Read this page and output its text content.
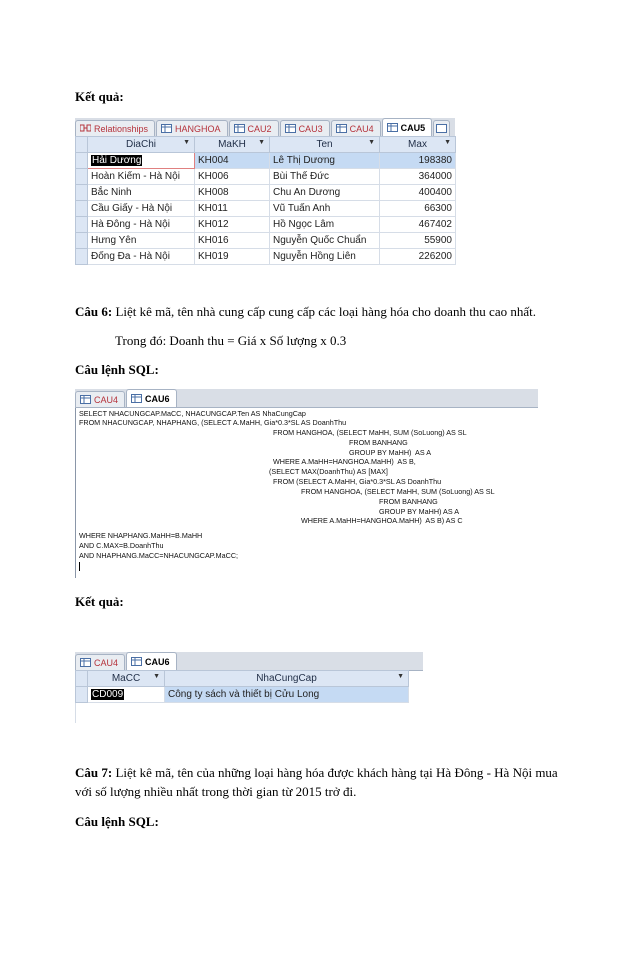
Kết quả:
Relationships	HANGHOA	CAU2	CAU3	CAU4	CAU5
	DiaChi ▼	MaKH ▼	Ten ▼	Max ▼

	Hải Dương	KH004	Lê Thị Dương	198380
	Hoàn Kiếm - Hà Nội	KH006	Bùi Thế Đức	364000
	Bắc Ninh	KH008	Chu An Dương	400400
	Cầu Giấy - Hà Nội	KH011	Vũ Tuấn Anh	66300
	Hà Đông - Hà Nội	KH012	Hồ Ngọc Lâm	467402
	Hưng Yên	KH016	Nguyễn Quốc Chuẩn	55900
	Đống Đa - Hà Nội	KH019	Nguyễn Hồng Liên	226200
Câu 6: Liệt kê mã, tên nhà cung cấp cung cấp các loại hàng hóa cho doanh thu cao nhất.
Trong đó: Doanh thu = Giá x Số lượng x 0.3
Câu lệnh SQL:
CAU4	CAU6
SELECT NHACUNGCAP.MaCC, NHACUNGCAP.Ten AS NhaCungCap
FROM NHACUNGCAP, NHAPHANG, (SELECT A.MaHH, Gia*0.3*SL AS DoanhThu
FROM HANGHOA, (SELECT MaHH, SUM (SoLuong) AS SL
FROM BANHANG
GROUP BY MaHH)  AS A
WHERE A.MaHH=HANGHOA.MaHH)  AS B,
(SELECT MAX(DoanhThu) AS [MAX]
FROM (SELECT A.MaHH, Gia*0.3*SL AS DoanhThu
FROM HANGHOA, (SELECT MaHH, SUM (SoLuong) AS SL
FROM BANHANG
GROUP BY MaHH) AS A
WHERE A.MaHH=HANGHOA.MaHH)  AS B) AS C
WHERE NHAPHANG.MaHH=B.MaHH
AND C.MAX=B.DoanhThu
AND NHAPHANG.MaCC=NHACUNGCAP.MaCC;
Kết quả:
CAU4	CAU6
	MaCC ▼	NhaCungCap ▼

	CD009	Công ty sách và thiết bị Cửu Long
Câu 7: Liệt kê mã, tên của những loại hàng hóa được khách hàng tại Hà Đông - Hà Nội mua
với số lượng nhiều nhất trong thời gian từ 2015 trở đi.
Câu lệnh SQL:
